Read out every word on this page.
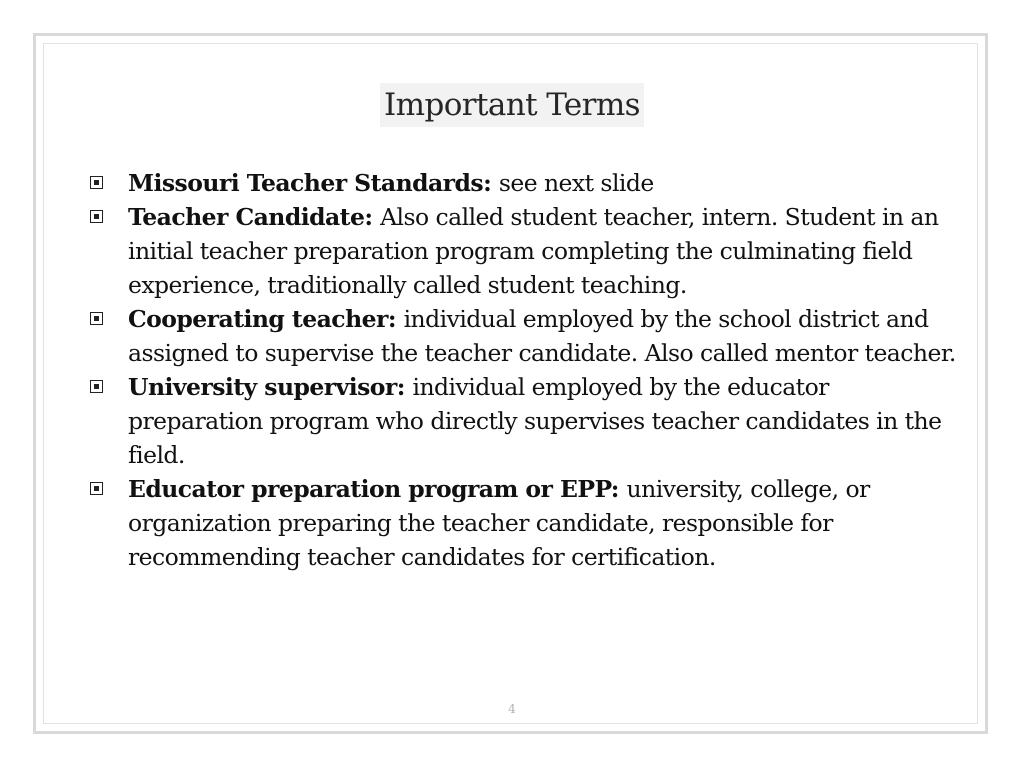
Important Terms
Missouri Teacher Standards: see next slide
Teacher Candidate: Also called student teacher, intern. Student in an initial teacher preparation program completing the culminating field experience, traditionally called student teaching.
Cooperating teacher: individual employed by the school district and assigned to supervise the teacher candidate. Also called mentor teacher.
University supervisor: individual employed by the educator preparation program who directly supervises teacher candidates in the field.
Educator preparation program or EPP: university, college, or organization preparing the teacher candidate, responsible for recommending teacher candidates for certification.
4
